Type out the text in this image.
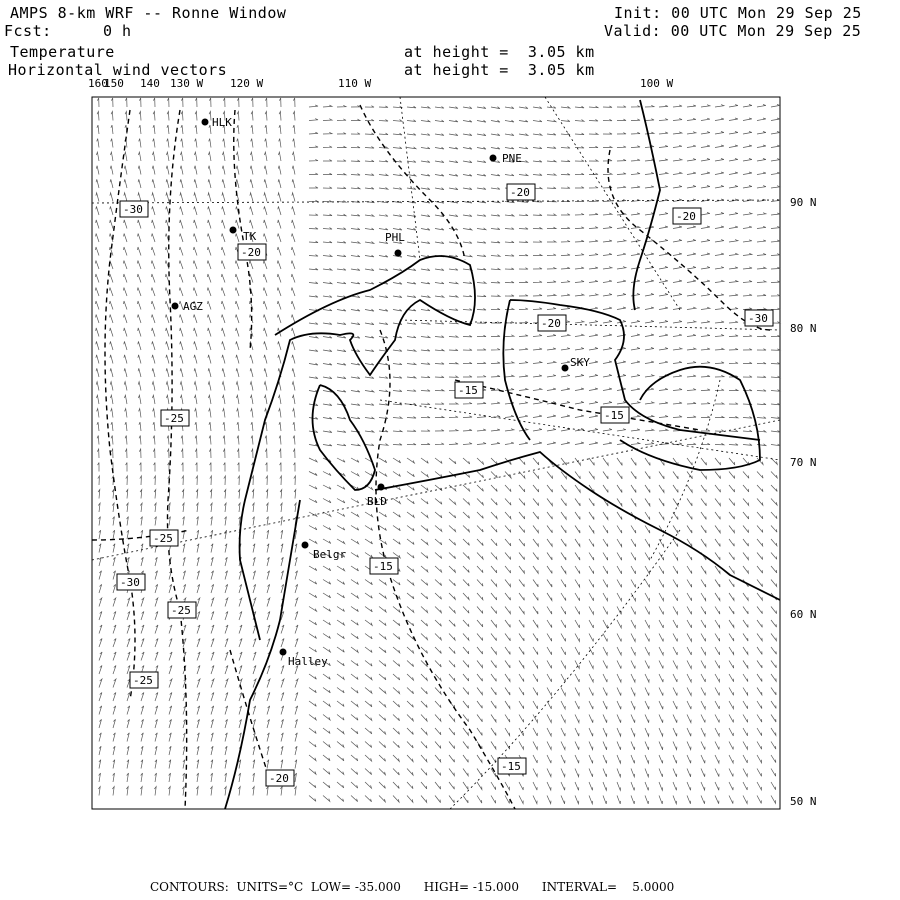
HLK
TK	PHL
PNE
AGZ
SKY
BLD
Belgr
Halley
-30
-20
-25
-20
-20
-20
-15
-25
-15
-25
-15
-30
-25
-30
-20
-15
AMPS 8-km WRF -- Ronne Window
Fcst:	0 h
Init: 00 UTC Mon 29 Sep 25
Valid: 00 UTC Mon 29 Sep 25
Temperature	at height =  3.05 km
Horizontal wind vectors	at height =  3.05 km
160
150 140 130 W 120 W	110 W	100 W
90 N
80 N
70 N
60 N
50 N
CONTOURS:  UNITS=°C  LOW= -35.000      HIGH= -15.000      INTERVAL=    5.0000
